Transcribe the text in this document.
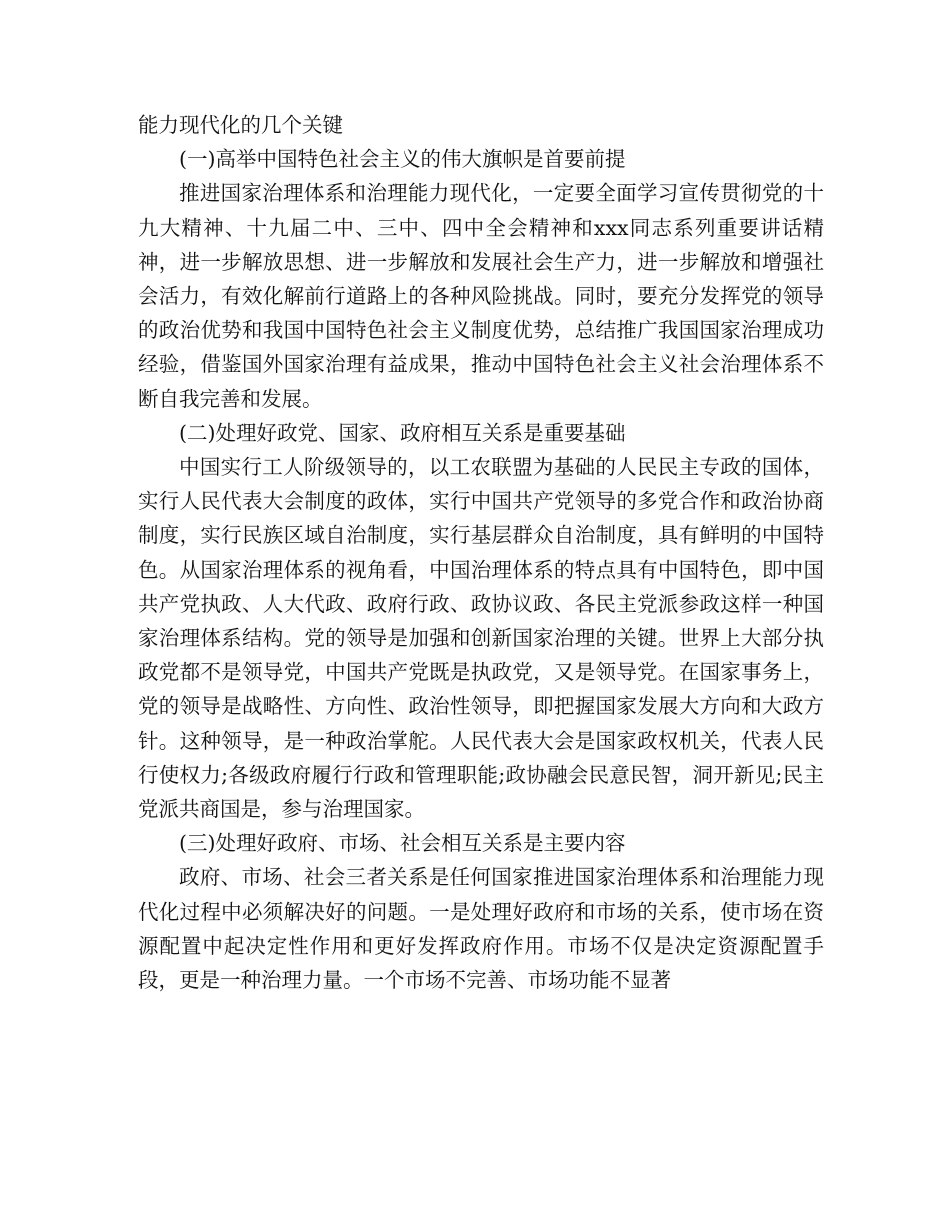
能力现代化的几个关键

(一)高举中国特色社会主义的伟大旗帜是首要前提

推进国家治理体系和治理能力现代化，一定要全面学习宣传贯彻党的十九大精神、十九届二中、三中、四中全会精神和xxx同志系列重要讲话精神，进一步解放思想、进一步解放和发展社会生产力，进一步解放和增强社会活力，有效化解前行道路上的各种风险挑战。同时，要充分发挥党的领导的政治优势和我国中国特色社会主义制度优势，总结推广我国国家治理成功经验，借鉴国外国家治理有益成果，推动中国特色社会主义社会治理体系不断自我完善和发展。

(二)处理好政党、国家、政府相互关系是重要基础

中国实行工人阶级领导的，以工农联盟为基础的人民民主专政的国体，实行人民代表大会制度的政体，实行中国共产党领导的多党合作和政治协商制度，实行民族区域自治制度，实行基层群众自治制度，具有鲜明的中国特色。从国家治理体系的视角看，中国治理体系的特点具有中国特色，即中国共产党执政、人大代政、政府行政、政协议政、各民主党派参政这样一种国家治理体系结构。党的领导是加强和创新国家治理的关键。世界上大部分执政党都不是领导党，中国共产党既是执政党，又是领导党。在国家事务上，党的领导是战略性、方向性、政治性领导，即把握国家发展大方向和大政方针。这种领导，是一种政治掌舵。人民代表大会是国家政权机关，代表人民行使权力;各级政府履行行政和管理职能;政协融会民意民智，洞开新见;民主党派共商国是，参与治理国家。

(三)处理好政府、市场、社会相互关系是主要内容

政府、市场、社会三者关系是任何国家推进国家治理体系和治理能力现代化过程中必须解决好的问题。一是处理好政府和市场的关系，使市场在资源配置中起决定性作用和更好发挥政府作用。市场不仅是决定资源配置手段，更是一种治理力量。一个市场不完善、市场功能不显著
